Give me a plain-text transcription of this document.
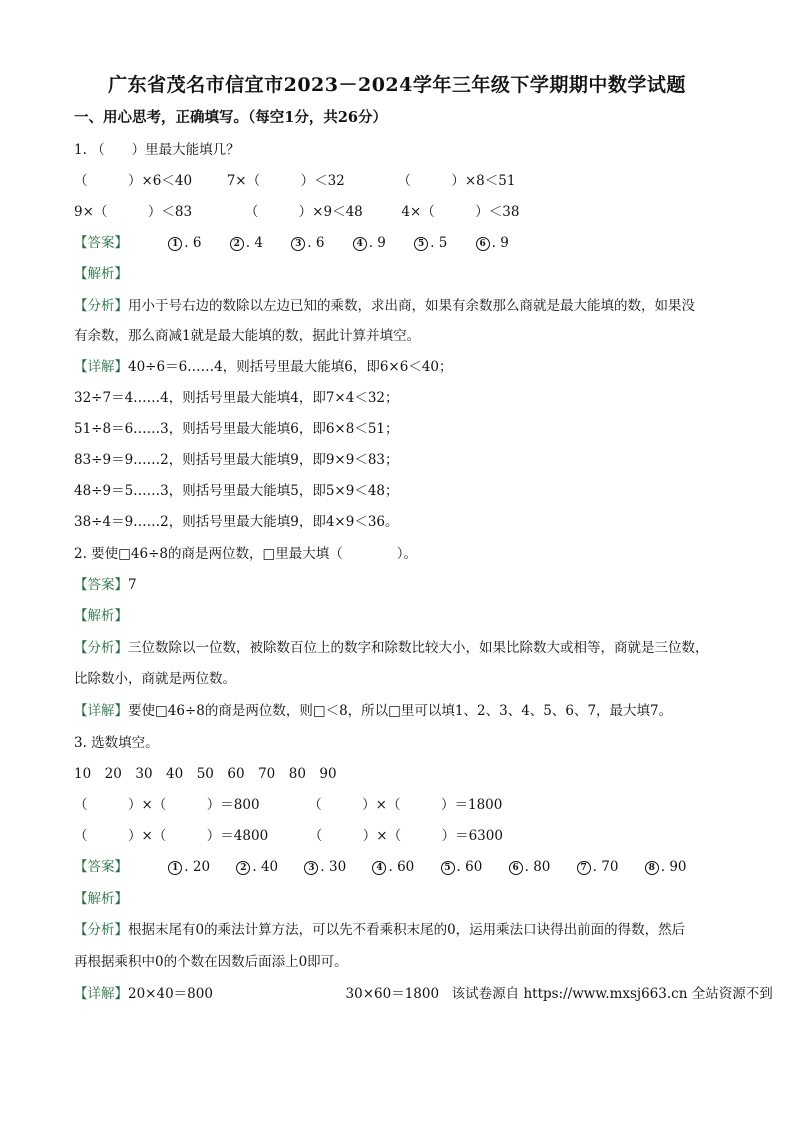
广东省茂名市信宜市2023－2024学年三年级下学期期中数学试题
一、用心思考，正确填写。（每空1分，共26分）
1. （　　）里最大能填几？
（　　　）×6＜40	7×（　　　）＜32	（　　　）×8＜51
9×（　　　）＜83	（　　　）×9＜48	4×（　　　）＜38
【答案】	1 . 6	2 . 4	3 . 6	4 . 9	5 . 5	6 . 9
【解析】
【分析】用小于号右边的数除以左边已知的乘数，求出商，如果有余数那么商就是最大能填的数，如果没
有余数，那么商减1就是最大能填的数，据此计算并填空。
【详解】40÷6＝6……4，则括号里最大能填6，即6×6＜40；
32÷7＝4……4，则括号里最大能填4，即7×4＜32；
51÷8＝6……3，则括号里最大能填6，即6×8＜51；
83÷9＝9……2，则括号里最大能填9，即9×9＜83；
48÷9＝5……3，则括号里最大能填5，即5×9＜48；
38÷4＝9……2，则括号里最大能填9，即4×9＜36。
2. 要使□46÷8的商是两位数，□里最大填（　　　　）。
【答案】7
【解析】
【分析】三位数除以一位数，被除数百位上的数字和除数比较大小，如果比除数大或相等，商就是三位数，
比除数小，商就是两位数。
【详解】要使□46÷8的商是两位数，则□＜8，所以□里可以填1、2、3、4、5、6、7，最大填7。
3. 选数填空。
10　20　30　40　50　60　70　80　90
（　　　）×（　　　）＝800	（　　　）×（　　　）＝1800
（　　　）×（　　　）＝4800	（　　　）×（　　　）＝6300
【答案】	1 . 20	2 . 40	3 . 30	4 . 60	5 . 60	6 . 80	7 . 70	8 . 90
【解析】
【分析】根据末尾有0的乘法计算方法，可以先不看乘积末尾的0，运用乘法口诀得出前面的得数，然后
再根据乘积中0的个数在因数后面添上0即可。
【详解】20×40＝800	30×60＝1800 该试卷源自 https://www.mxsj663.cn 全站资源不到
